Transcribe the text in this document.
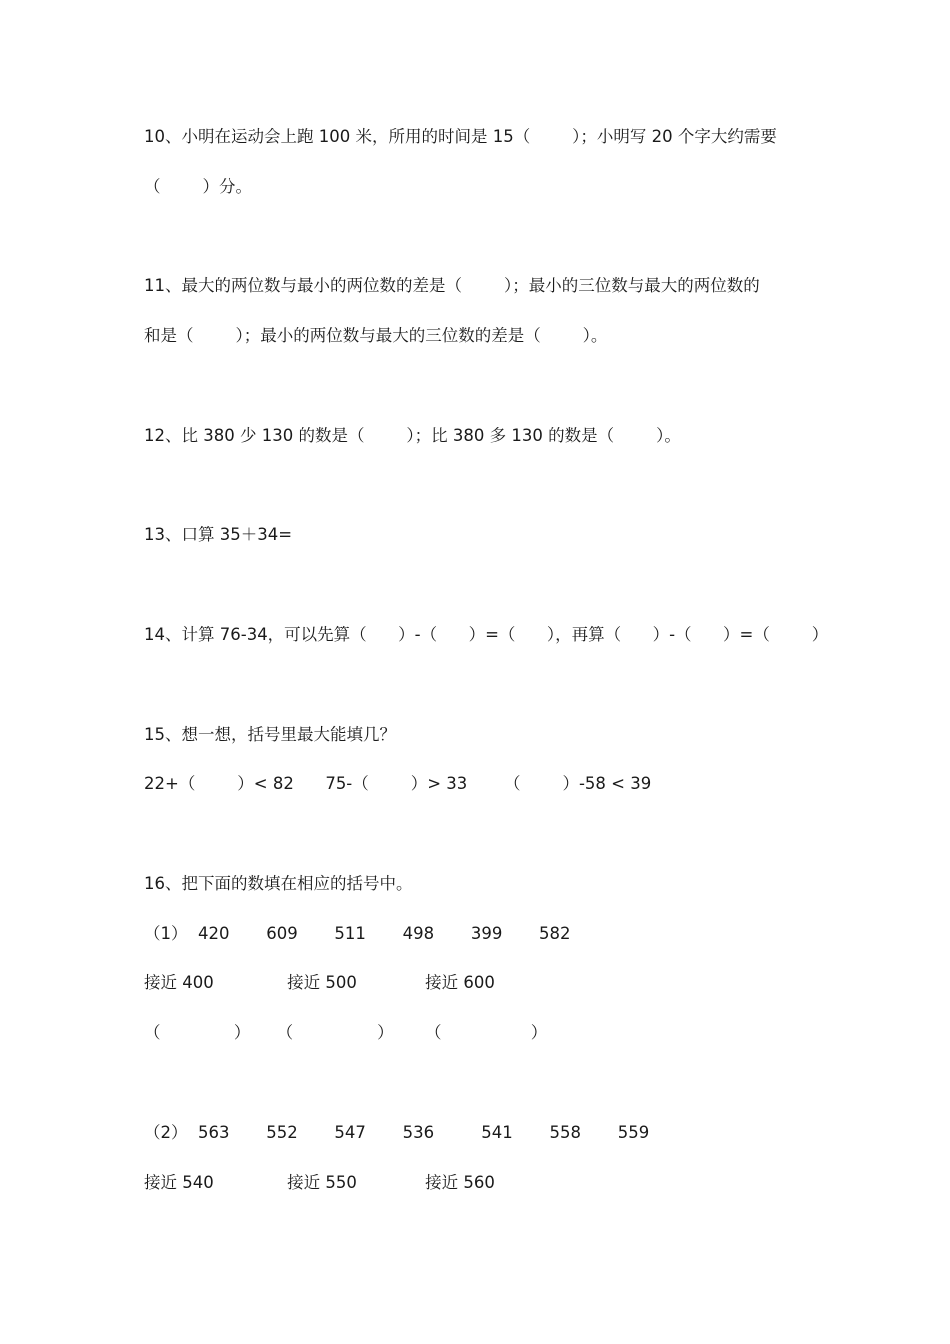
10、小明在运动会上跑 100 米，所用的时间是 15（        ）；小明写 20 个字大约需要

（        ）分。

11、最大的两位数与最小的两位数的差是（        ）；最小的三位数与最大的两位数的

和是（        ）；最小的两位数与最大的三位数的差是（        ）。

12、比 380 少 130 的数是（        ）；比 380 多 130 的数是（        ）。

13、口算 35＋34=

14、计算 76-34，可以先算（      ）-（      ）=（      ），再算（      ）-（      ）=（        ）

15、想一想，括号里最大能填几？

22+（        ）< 82      75-（        ）> 33       （        ）-58 < 39

16、把下面的数填在相应的括号中。

（1）  420       609       511       498       399       582

接近 400              接近 500             接近 600

（              ）     （                ）      （                 ）

（2）  563       552       547       536         541       558       559

接近 540              接近 550             接近 560
